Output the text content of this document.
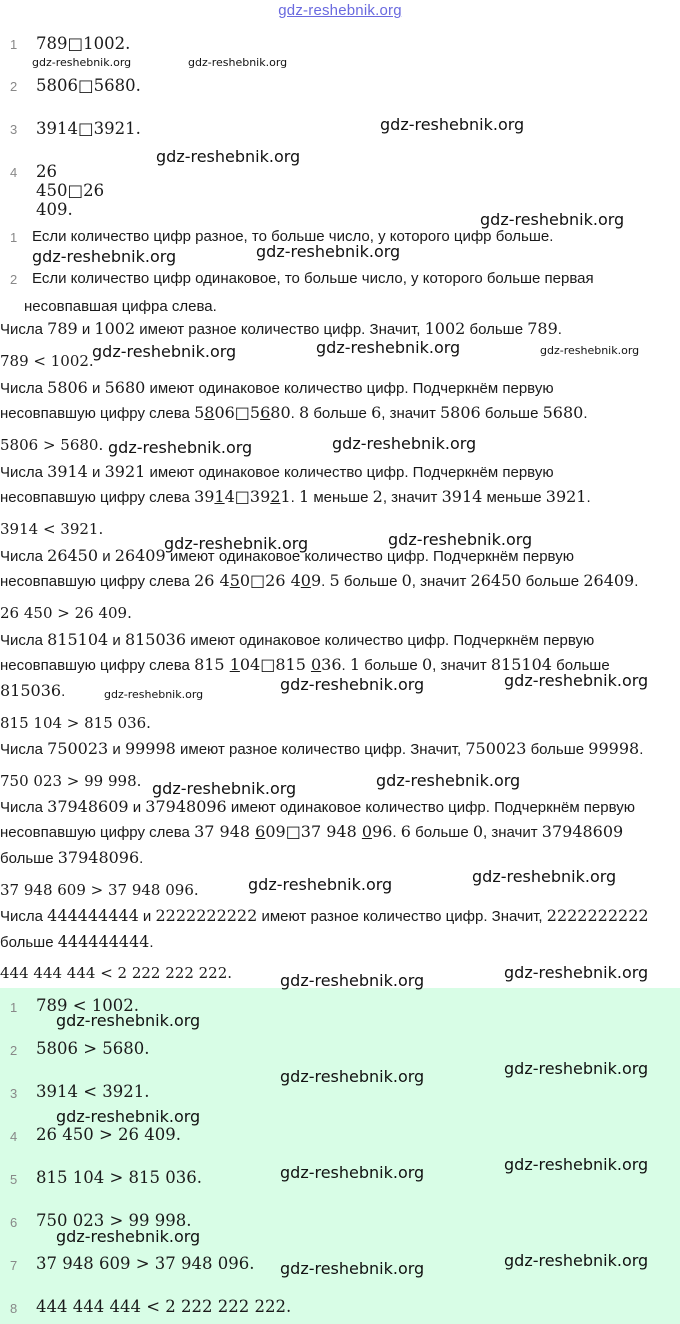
gdz-reshebnik.org
1	789□1002.
2	5806□5680.
3	3914□3921.
4	26 450□26 409.
1 Если количество цифр разное, то больше число, у которого цифр больше.
2 Если количество цифр одинаковое, то больше число, у которого больше первая
несовпавшая цифра слева.
Числа 789 и 1002 имеют разное количество цифр. Значит, 1002 больше 789.
789 < 1002.
Числа 5806 и 5680 имеют одинаковое количество цифр. Подчеркнём первую
несовпавшую цифру слева 5806□5680. 8 больше 6, значит 5806 больше 5680.
5806 > 5680.
Числа 3914 и 3921 имеют одинаковое количество цифр. Подчеркнём первую
несовпавшую цифру слева 3914□3921. 1 меньше 2, значит 3914 меньше 3921.
3914 < 3921.
Числа 26450 и 26409 имеют одинаковое количество цифр. Подчеркнём первую
несовпавшую цифру слева 26 450□26 409. 5 больше 0, значит 26450 больше 26409.
26 450 > 26 409.
Числа 815104 и 815036 имеют одинаковое количество цифр. Подчеркнём первую
несовпавшую цифру слева 815 104□815 036. 1 больше 0, значит 815104 больше
815036.
815 104 > 815 036.
Числа 750023 и 99998 имеют разное количество цифр. Значит, 750023 больше 99998.
750 023 > 99 998.
Числа 37948609 и 37948096 имеют одинаковое количество цифр. Подчеркнём первую
несовпавшую цифру слева 37 948 609□37 948 096. 6 больше 0, значит 37948609
больше 37948096.
37 948 609 > 37 948 096.
Числа 444444444 и 2222222222 имеют разное количество цифр. Значит, 2222222222
больше 444444444.
444 444 444 < 2 222 222 222.
1	789 < 1002.
2	5806 > 5680.
3	3914 < 3921.
4	26 450 > 26 409.
5	815 104 > 815 036.
6	750 023 > 99 998.
7	37 948 609 > 37 948 096.
8	444 444 444 < 2 222 222 222.
gdz-reshebnik.org	gdz-reshebnik.org
gdz-reshebnik.org
gdz-reshebnik.org
gdz-reshebnik.org
gdz-reshebnik.org
gdz-reshebnik.org
gdz-reshebnik.org	gdz-reshebnik.org	gdz-reshebnik.org
gdz-reshebnik.org	gdz-reshebnik.org
gdz-reshebnik.org	gdz-reshebnik.org
gdz-reshebnik.org	gdz-reshebnik.org
gdz-reshebnik.org
gdz-reshebnik.org	gdz-reshebnik.org
gdz-reshebnik.org	gdz-reshebnik.org
gdz-reshebnik.org	gdz-reshebnik.org
gdz-reshebnik.org
gdz-reshebnik.org	gdz-reshebnik.org
gdz-reshebnik.org
gdz-reshebnik.org	gdz-reshebnik.org
gdz-reshebnik.org
gdz-reshebnik.org	gdz-reshebnik.org
